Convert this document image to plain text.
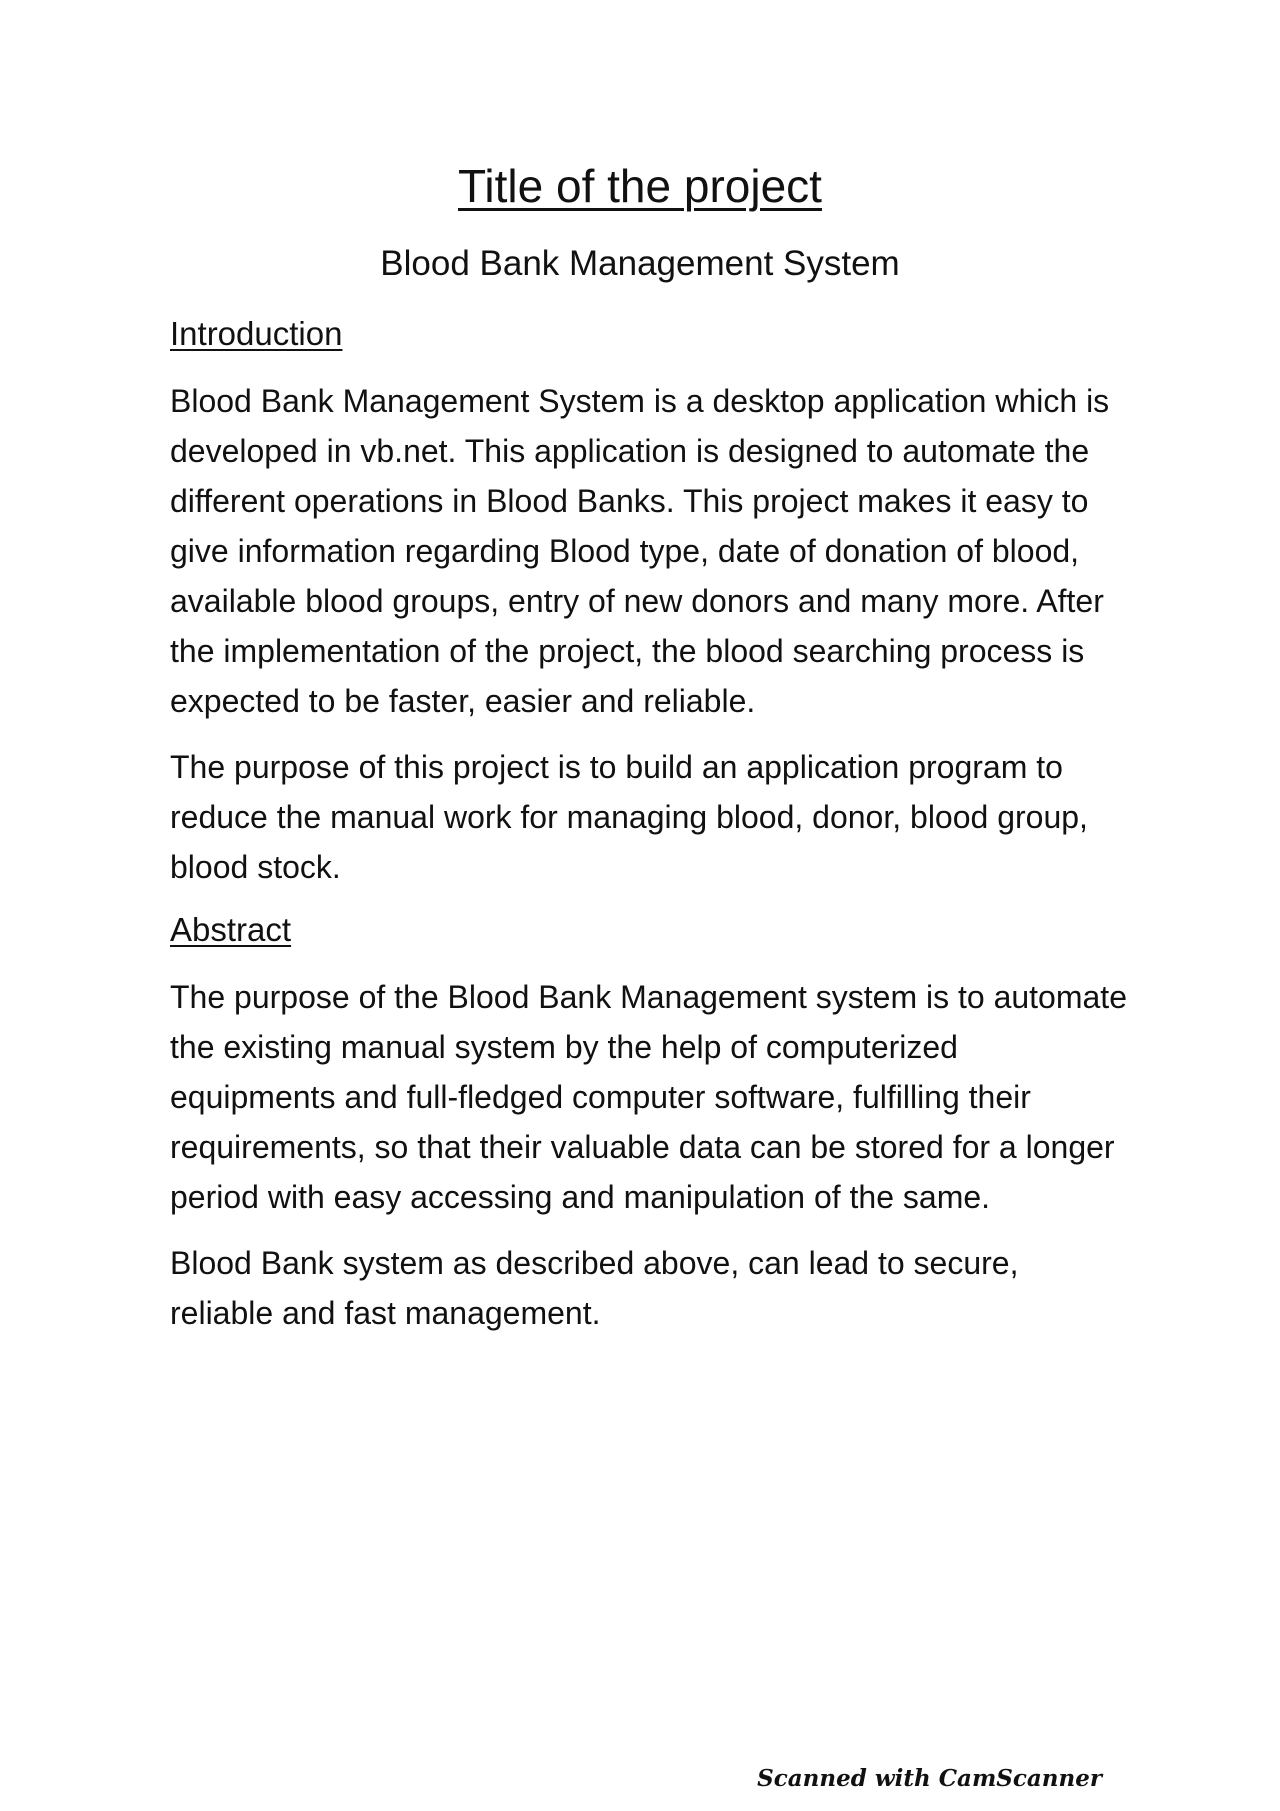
Title of the project
Blood Bank Management System
Introduction

Blood Bank Management System is a desktop application which is developed in vb.net. This application is designed to automate the different operations in Blood Banks. This project makes it easy to give information regarding Blood type, date of donation of blood, available blood groups, entry of new donors and many more. After the implementation of the project, the blood searching process is expected to be faster, easier and reliable.

The purpose of this project is to build an application program to reduce the manual work for managing blood, donor, blood group, blood stock.

Abstract

The purpose of the Blood Bank Management system is to automate the existing manual system by the help of computerized equipments and full-fledged computer software, fulfilling their requirements, so that their valuable data can be stored for a longer period with easy accessing and manipulation of the same.

Blood Bank system as described above, can lead to secure, reliable and fast management.

Scanned with CamScanner
